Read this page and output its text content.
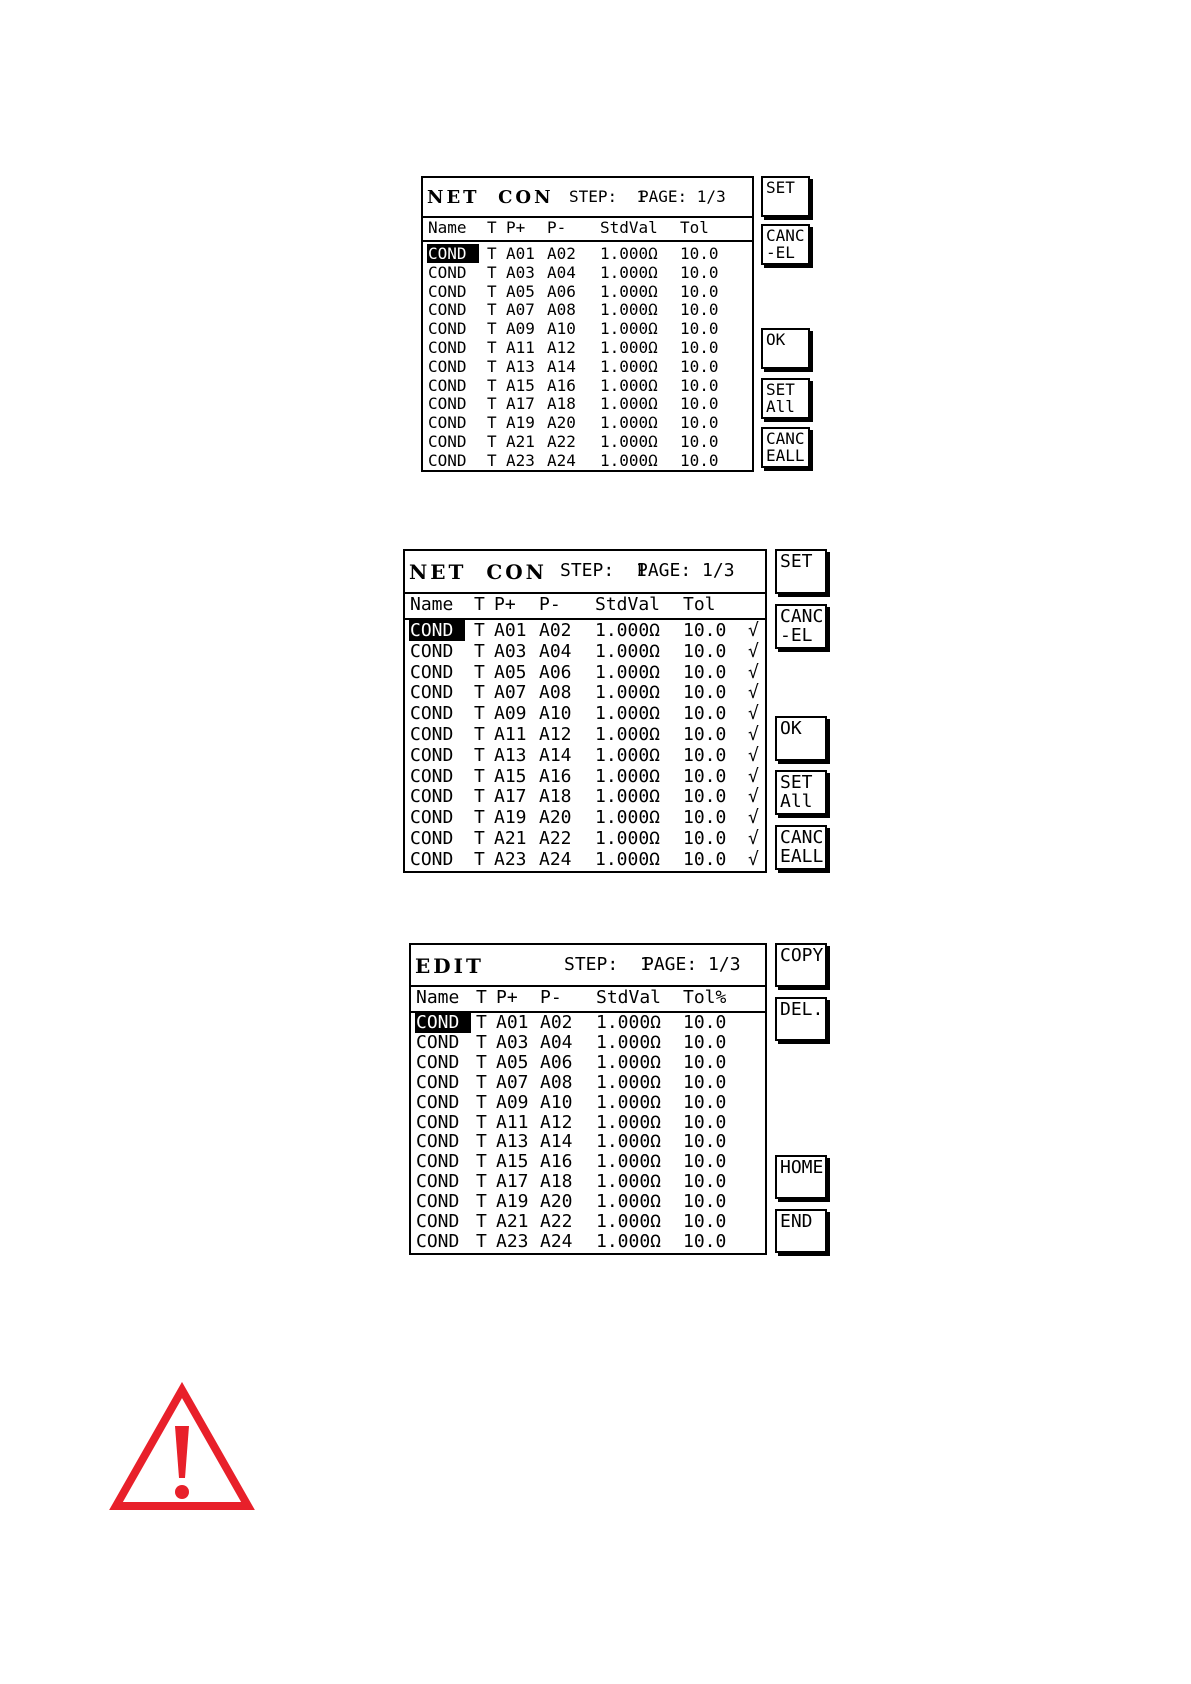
NET  CON STEP:  1
PAGE: 1/3
Name T P+ P- StdVal Tol
COND	T A01 A02 1.000Ω 10.0
COND T A03 A04 1.000Ω 10.0
COND T A05 A06 1.000Ω 10.0
COND T A07 A08 1.000Ω 10.0
COND T A09 A10 1.000Ω 10.0
COND T A11 A12 1.000Ω 10.0
COND T A13 A14 1.000Ω 10.0
COND T A15 A16 1.000Ω 10.0
COND T A17 A18 1.000Ω 10.0
COND T A19 A20 1.000Ω 10.0
COND T A21 A22 1.000Ω 10.0
COND T A23 A24 1.000Ω 10.0
SET
CANC
-EL
OK
SET
All
CANC
EALL
NET  CON STEP:  1
PAGE: 1/3
Name T P+ P- StdVal Tol
COND	T A01 A02 1.000Ω 10.0 √
COND T A03 A04 1.000Ω 10.0 √
COND T A05 A06 1.000Ω 10.0 √
COND T A07 A08 1.000Ω 10.0 √
COND T A09 A10 1.000Ω 10.0 √
COND T A11 A12 1.000Ω 10.0 √
COND T A13 A14 1.000Ω 10.0 √
COND T A15 A16 1.000Ω 10.0 √
COND T A17 A18 1.000Ω 10.0 √
COND T A19 A20 1.000Ω 10.0 √
COND T A21 A22 1.000Ω 10.0 √
COND T A23 A24 1.000Ω 10.0 √
SET
CANC
-EL
OK
SET
All
CANC
EALL
EDIT	STEP:  1
PAGE: 1/3
Name T P+ P- StdVal Tol%
COND T A01 A02 1.000Ω 10.0
COND T A03 A04 1.000Ω 10.0
COND T A05 A06 1.000Ω 10.0
COND T A07 A08 1.000Ω 10.0
COND T A09 A10 1.000Ω 10.0
COND T A11 A12 1.000Ω 10.0
COND T A13 A14 1.000Ω 10.0
COND T A15 A16 1.000Ω 10.0
COND T A17 A18 1.000Ω 10.0
COND T A19 A20 1.000Ω 10.0
COND T A21 A22 1.000Ω 10.0
COND T A23 A24 1.000Ω 10.0
COPY
DEL.
HOME
END
